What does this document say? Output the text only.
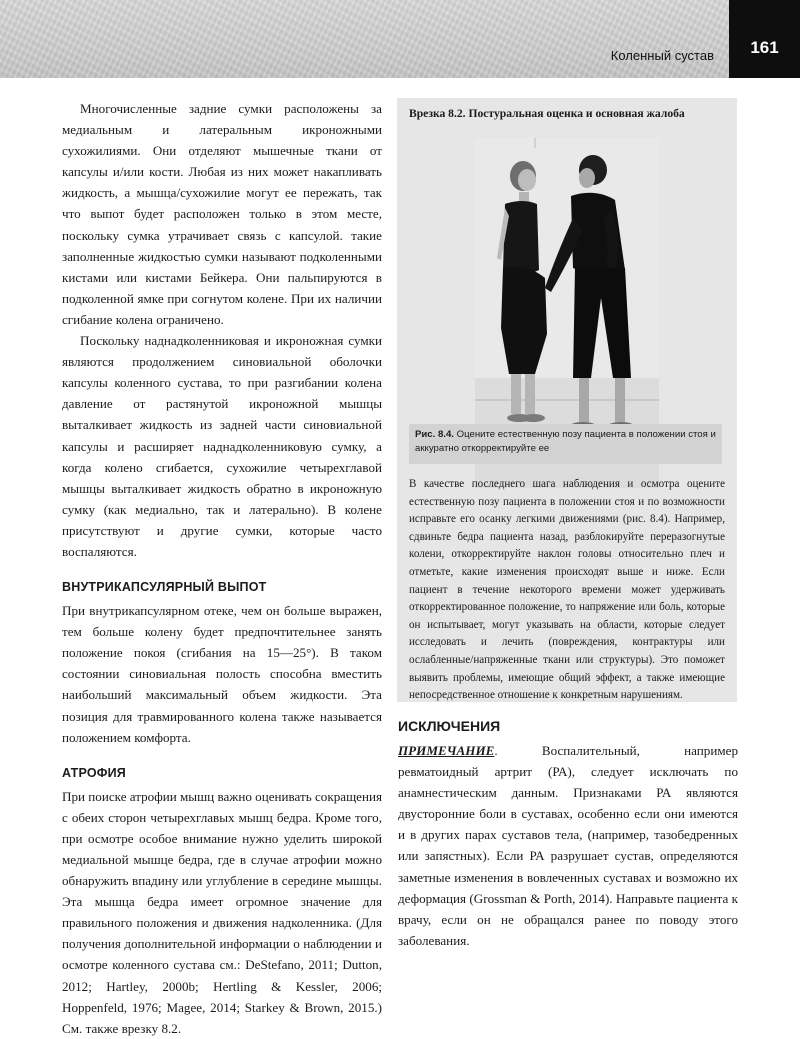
Коленный сустав	161

Многочисленные задние сумки расположены за медиальным и латеральным икроножными сухожилиями. Они отделяют мышечные ткани от капсулы и/или кости. Любая из них может накапливать жидкость, а мышца/сухожилие могут ее пережать, так что выпот будет расположен только в этом месте, поскольку сумка утрачивает связь с капсулой. такие заполненные жидкостью сумки называют подколенными кистами или кистами Бейкера. Они пальпируются в подколенной ямке при согнутом колене. При их наличии сгибание колена ограничено.

Поскольку наднадколенниковая и икроножная сумки являются продолжением синовиальной оболочки капсулы коленного сустава, то при разгибании колена давление от растянутой икроножной мышцы выталкивает жидкость из задней части синовиальной капсулы и расширяет наднадколенниковую сумку, а когда колено сгибается, сухожилие четырехглавой мышцы выталкивает жидкость обратно в икроножную сумку (как медиально, так и латерально). В колене присутствуют и другие сумки, которые часто воспаляются.

ВНУТРИКАПСУЛЯРНЫЙ ВЫПОТ

При внутрикапсулярном отеке, чем он больше выражен, тем больше колену будет предпочтительнее занять положение покоя (сгибания на 15—25°). В таком состоянии синовиальная полость способна вместить наибольший максимальный объем жидкости. Эта позиция для травмированного колена также называется положением комфорта.

АТРОФИЯ

При поиске атрофии мышц важно оценивать сокращения с обеих сторон четырехглавых мышц бедра. Кроме того, при осмотре особое внимание нужно уделить широкой медиальной мышце бедра, где в случае атрофии можно обнаружить впадину или углубление в середине мышцы. Эта мышца бедра имеет огромное значение для правильного положения и движения надколенника. (Для получения дополнительной информации о наблюдении и осмотре коленного сустава см.: DeStefano, 2011; Dutton, 2012; Hartley, 2000b; Hertling & Kessler, 2006; Hoppenfeld, 1976; Magee, 2014; Starkey & Brown, 2015.) См. также врезку 8.2.

Врезка 8.2. Постуральная оценка и основная жалоба
Рис. 8.4. Оцените естественную позу пациента в положении стоя и аккуратно откорректируйте ее
В качестве последнего шага наблюдения и осмотра оцените естественную позу пациента в положении стоя и по возможности исправьте его осанку легкими движениями (рис. 8.4). Например, сдвиньте бедра пациента назад, разблокируйте переразогнутые колени, откорректируйте наклон головы относительно плеч и отметьте, какие изменения происходят выше и ниже. Если пациент в течение некоторого времени может удерживать откорректированное положение, то напряжение или боль, которые он испытывает, могут указывать на области, которые следует исследовать и лечить (повреждения, контрактуры или ослабленные/напряженные ткани или структуры). Это поможет выявить проблемы, имеющие общий эффект, а также имеющие непосредственное отношение к конкретным нарушениям.
ИСКЛЮЧЕНИЯ

ПРИМЕЧАНИЕ. Воспалительный, например ревматоидный артрит (РА), следует исключать по анамнестическим данным. Признаками РА являются двусторонние боли в суставах, особенно если они имеются и в других парах суставов тела, (например, тазобедренных или запястных). Если РА разрушает сустав, определяются заметные изменения в вовлеченных суставах и возможно их деформация (Grossman & Porth, 2014). Направьте пациента к врачу, если он не обращался ранее по поводу этого заболевания.
